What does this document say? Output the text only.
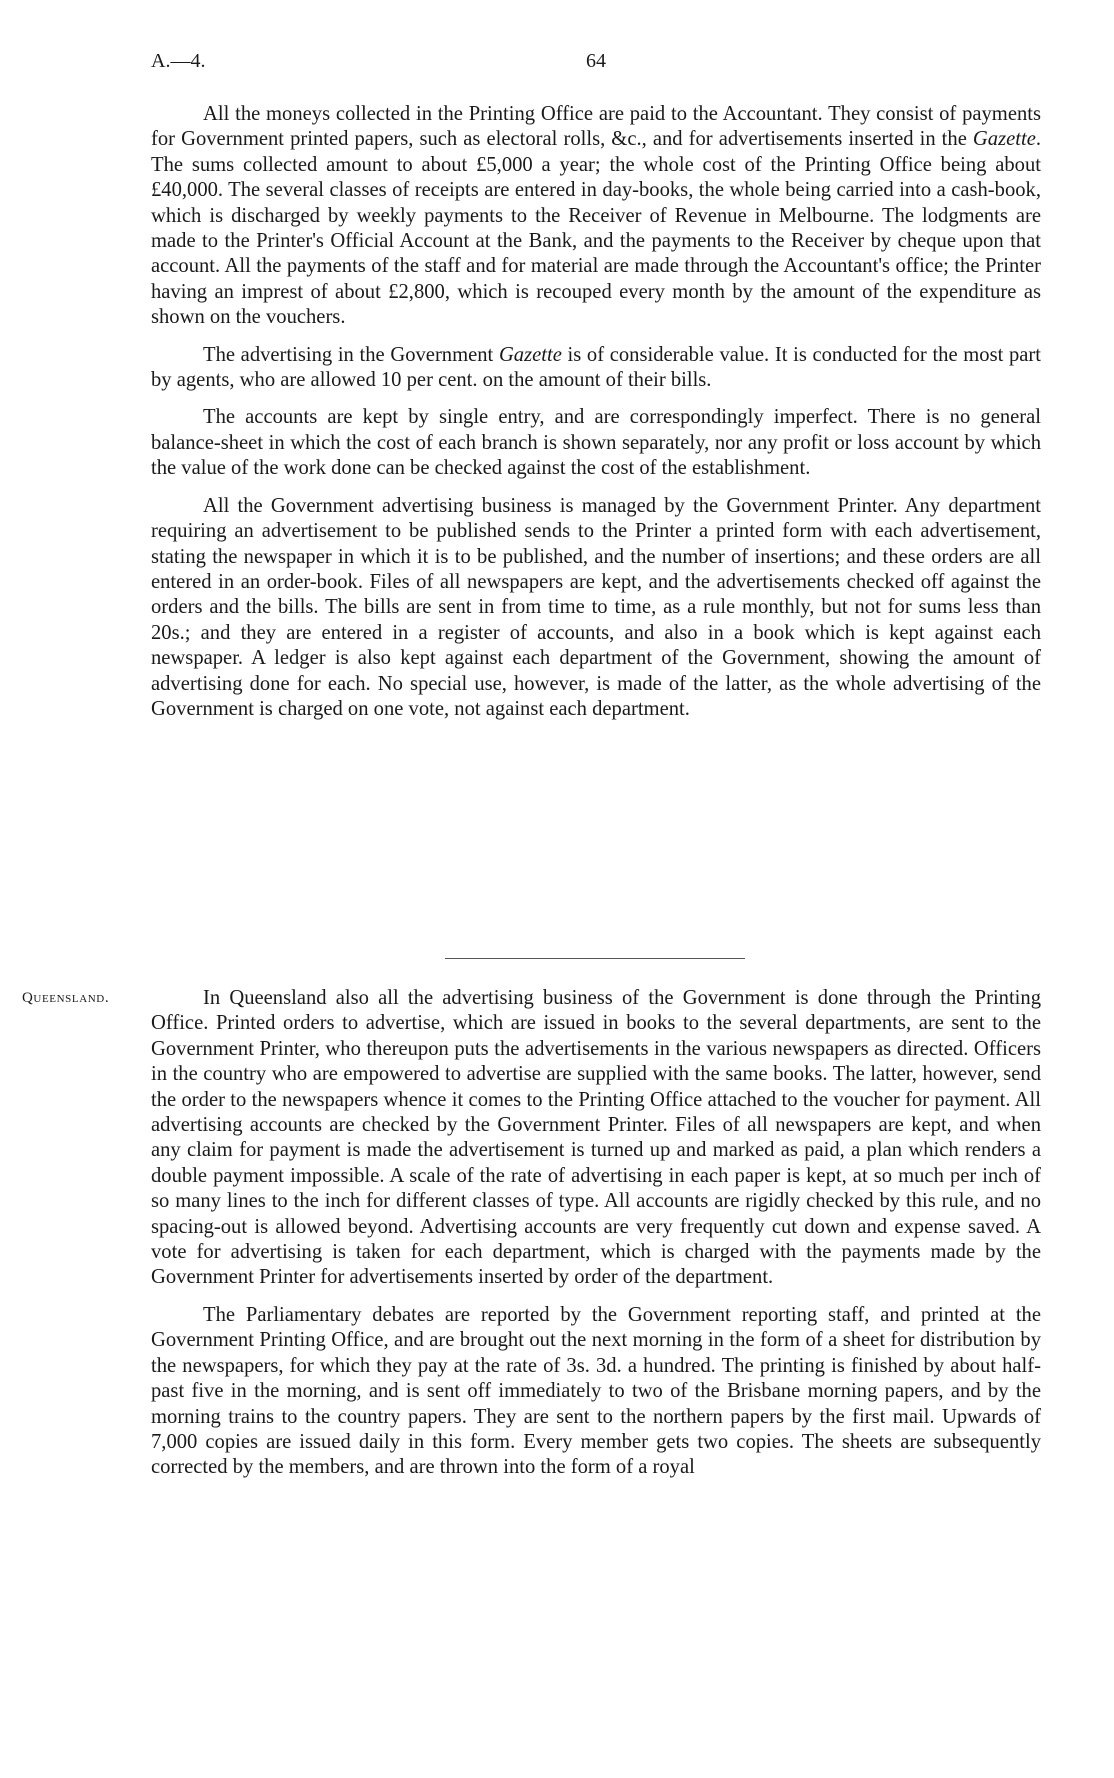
A.—4.	64

All the moneys collected in the Printing Office are paid to the Accountant. They consist of payments for Government printed papers, such as electoral rolls, &c., and for advertisements inserted in the Gazette. The sums collected amount to about £5,000 a year; the whole cost of the Printing Office being about £40,000. The several classes of receipts are entered in day-books, the whole being carried into a cash-book, which is discharged by weekly payments to the Receiver of Revenue in Melbourne. The lodgments are made to the Printer's Official Account at the Bank, and the payments to the Receiver by cheque upon that account. All the payments of the staff and for material are made through the Accountant's office; the Printer having an imprest of about £2,800, which is recouped every month by the amount of the expenditure as shown on the vouchers.

The advertising in the Government Gazette is of considerable value. It is conducted for the most part by agents, who are allowed 10 per cent. on the amount of their bills.

The accounts are kept by single entry, and are correspondingly imperfect. There is no general balance-sheet in which the cost of each branch is shown separately, nor any profit or loss account by which the value of the work done can be checked against the cost of the establishment.

All the Government advertising business is managed by the Government Printer. Any department requiring an advertisement to be published sends to the Printer a printed form with each advertisement, stating the newspaper in which it is to be published, and the number of insertions; and these orders are all entered in an order-book. Files of all newspapers are kept, and the advertisements checked off against the orders and the bills. The bills are sent in from time to time, as a rule monthly, but not for sums less than 20s.; and they are entered in a register of accounts, and also in a book which is kept against each newspaper. A ledger is also kept against each department of the Government, showing the amount of advertising done for each. No special use, however, is made of the latter, as the whole advertising of the Government is charged on one vote, not against each department.

Queensland.	In Queensland also all the advertising business of the Government is done through the Printing Office. Printed orders to advertise, which are issued in books to the several departments, are sent to the Government Printer, who thereupon puts the advertisements in the various newspapers as directed. Officers in the country who are empowered to advertise are supplied with the same books. The latter, however, send the order to the newspapers whence it comes to the Printing Office attached to the voucher for payment. All advertising accounts are checked by the Government Printer. Files of all newspapers are kept, and when any claim for payment is made the advertisement is turned up and marked as paid, a plan which renders a double payment impossible. A scale of the rate of advertising in each paper is kept, at so much per inch of so many lines to the inch for different classes of type. All accounts are rigidly checked by this rule, and no spacing-out is allowed beyond. Advertising accounts are very frequently cut down and expense saved. A vote for advertising is taken for each department, which is charged with the payments made by the Government Printer for advertisements inserted by order of the department.

The Parliamentary debates are reported by the Government reporting staff, and printed at the Government Printing Office, and are brought out the next morning in the form of a sheet for distribution by the newspapers, for which they pay at the rate of 3s. 3d. a hundred. The printing is finished by about half-past five in the morning, and is sent off immediately to two of the Brisbane morning papers, and by the morning trains to the country papers. They are sent to the northern papers by the first mail. Upwards of 7,000 copies are issued daily in this form. Every member gets two copies. The sheets are subsequently corrected by the members, and are thrown into the form of a royal
